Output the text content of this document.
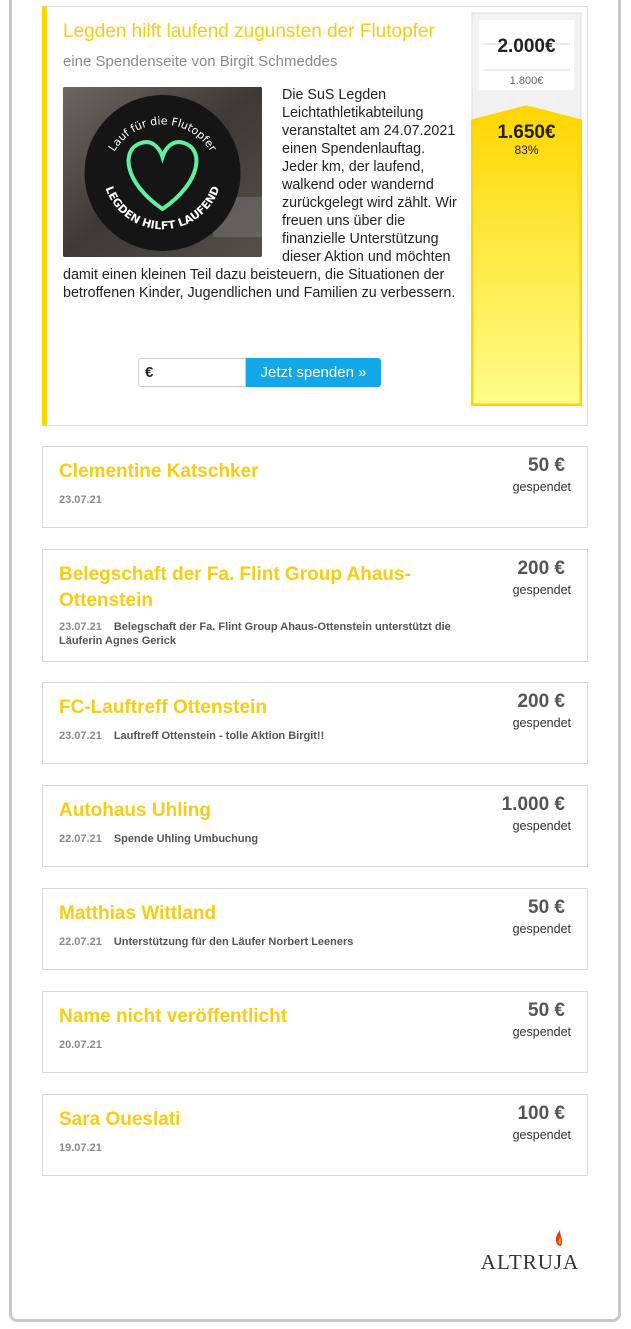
Legden hilft laufend zugunsten der Flutopfer
eine Spendenseite von Birgit Schmeddes
Die SuS Legden Leichtathletikabteilung veranstaltet am 24.07.2021 einen Spendenlauftag. Jeder km, der laufend, walkend oder wandernd zurückgelegt wird zählt. Wir freuen uns über die finanzielle Unterstützung dieser Aktion und möchten damit einen kleinen Teil dazu beisteuern, die Situationen der betroffenen Kinder, Jugendlichen und Familien zu verbessern.
Lauf für die Flutopfer
LEGDEN HILFT LAUFEND
€	Jetzt spenden »
2.000€
1.800€
1.650€
83%
Clementine Katschker
23.07.21
50 €
gespendet
Belegschaft der Fa. Flint Group Ahaus-Ottenstein
23.07.21 Belegschaft der Fa. Flint Group Ahaus-Ottenstein unterstützt die Läuferin Agnes Gerick
200 €
gespendet
FC-Lauftreff Ottenstein
23.07.21 Lauftreff Ottenstein - tolle Aktion Birgit!!
200 €
gespendet
Autohaus Uhling
22.07.21 Spende Uhling Umbuchung
1.000 €
gespendet
Matthias Wittland
22.07.21 Unterstützung für den Läufer Norbert Leeners
50 €
gespendet
Name nicht veröffentlicht
20.07.21
50 €
gespendet
Sara Oueslati
19.07.21
100 €
gespendet
ALTRUJA
